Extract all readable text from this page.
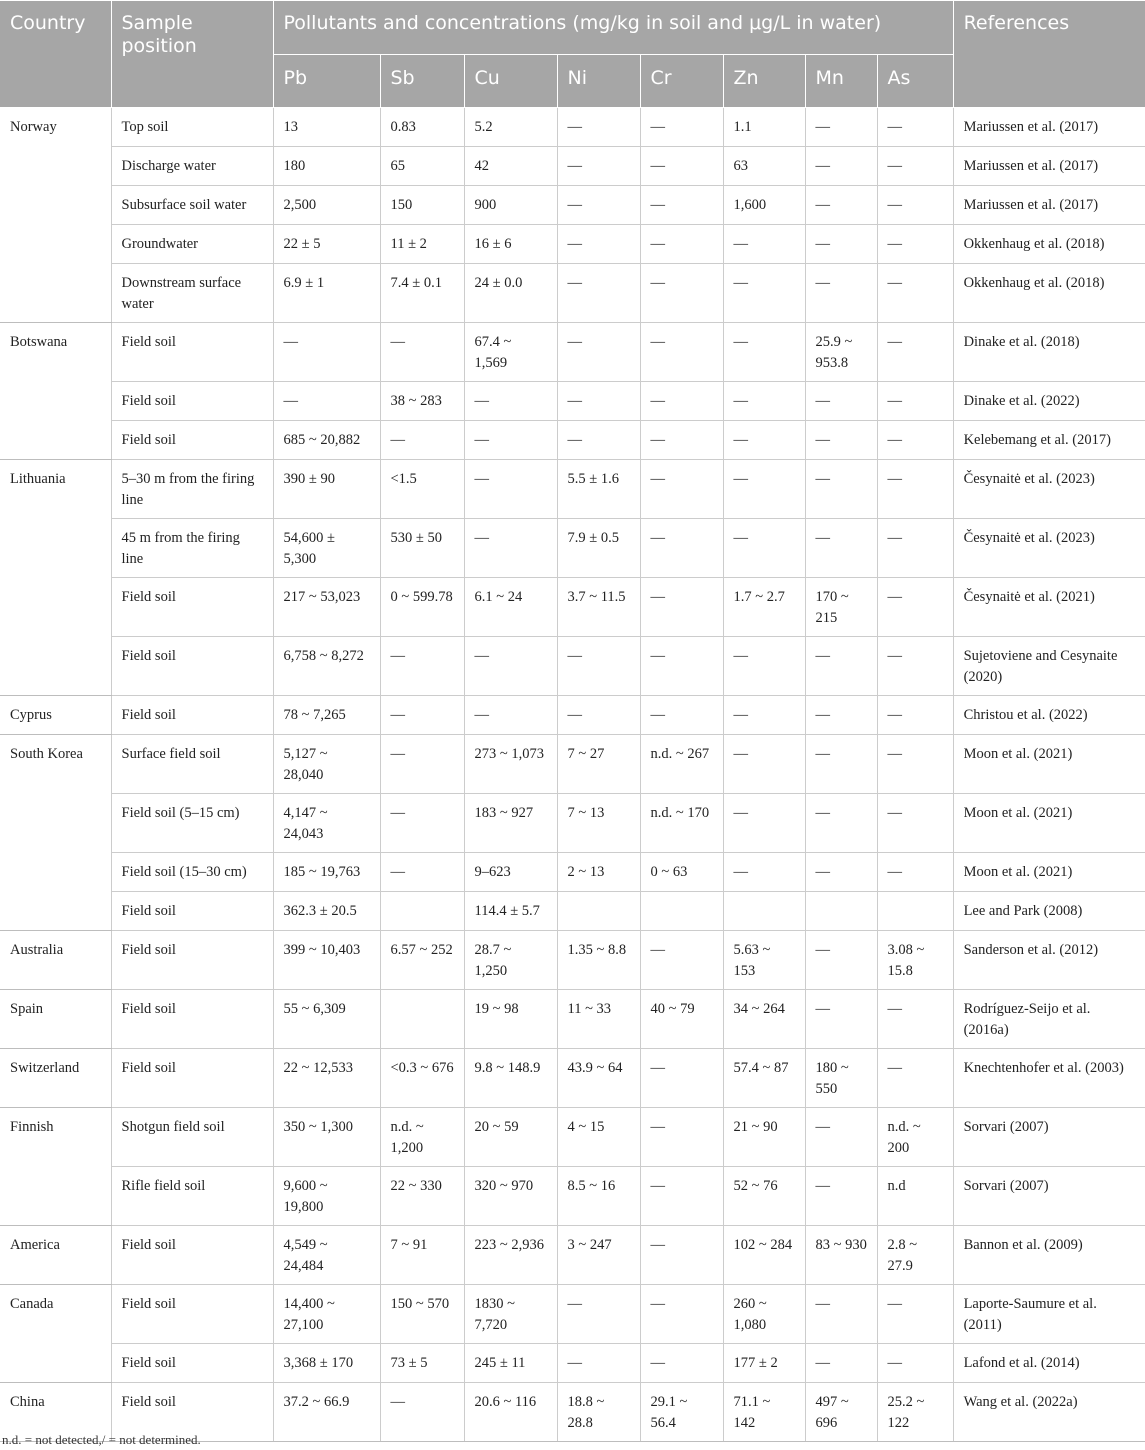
Country	Sample position	Pollutants and concentrations (mg/kg in soil and μg/L in water)								References
		Pb	Sb	Cu	Ni	Cr	Zn	Mn	As	
Norway	Top soil	13	0.83	5.2	—	—	1.1	—	—	Mariussen et al. (2017)
	Discharge water	180	65	42	—	—	63	—	—	Mariussen et al. (2017)
	Subsurface soil water	2,500	150	900	—	—	1,600	—	—	Mariussen et al. (2017)
	Groundwater	22 ± 5	11 ± 2	16 ± 6	—	—	—	—	—	Okkenhaug et al. (2018)
	Downstream surface water	6.9 ± 1	7.4 ± 0.1	24 ± 0.0	—	—	—	—	—	Okkenhaug et al. (2018)
Botswana	Field soil	—	—	67.4 ~ 1,569	—	—	—	25.9 ~ 953.8	—	Dinake et al. (2018)
	Field soil	—	38 ~ 283	—	—	—	—	—	—	Dinake et al. (2022)
	Field soil	685 ~ 20,882	—	—	—	—	—	—	—	Kelebemang et al. (2017)
Lithuania	5–30 m from the firing line	390 ± 90	<1.5	—	5.5 ± 1.6	—	—	—	—	Česynaitė et al. (2023)
	45 m from the firing line	54,600 ± 5,300	530 ± 50	—	7.9 ± 0.5	—	—	—	—	Česynaitė et al. (2023)
	Field soil	217 ~ 53,023	0 ~ 599.78	6.1 ~ 24	3.7 ~ 11.5	—	1.7 ~ 2.7	170 ~ 215	—	Česynaitė et al. (2021)
	Field soil	6,758 ~ 8,272	—	—	—	—	—	—	—	Sujetoviene and Cesynaite (2020)
Cyprus	Field soil	78 ~ 7,265	—	—	—	—	—	—	—	Christou et al. (2022)
South Korea	Surface field soil	5,127 ~ 28,040	—	273 ~ 1,073	7 ~ 27	n.d. ~ 267	—	—	—	Moon et al. (2021)
	Field soil (5–15 cm)	4,147 ~ 24,043	—	183 ~ 927	7 ~ 13	n.d. ~ 170	—	—	—	Moon et al. (2021)
	Field soil (15–30 cm)	185 ~ 19,763	—	9–623	2 ~ 13	0 ~ 63	—	—	—	Moon et al. (2021)
	Field soil	362.3 ± 20.5		114.4 ± 5.7						Lee and Park (2008)
Australia	Field soil	399 ~ 10,403	6.57 ~ 252	28.7 ~ 1,250	1.35 ~ 8.8	—	5.63 ~ 153	—	3.08 ~ 15.8	Sanderson et al. (2012)
Spain	Field soil	55 ~ 6,309		19 ~ 98	11 ~ 33	40 ~ 79	34 ~ 264	—	—	Rodríguez-Seijo et al. (2016a)
Switzerland	Field soil	22 ~ 12,533	<0.3 ~ 676	9.8 ~ 148.9	43.9 ~ 64	—	57.4 ~ 87	180 ~ 550	—	Knechtenhofer et al. (2003)
Finnish	Shotgun field soil	350 ~ 1,300	n.d. ~ 1,200	20 ~ 59	4 ~ 15	—	21 ~ 90	—	n.d. ~ 200	Sorvari (2007)
	Rifle field soil	9,600 ~ 19,800	22 ~ 330	320 ~ 970	8.5 ~ 16	—	52 ~ 76	—	n.d	Sorvari (2007)
America	Field soil	4,549 ~ 24,484	7 ~ 91	223 ~ 2,936	3 ~ 247	—	102 ~ 284	83 ~ 930	2.8 ~ 27.9	Bannon et al. (2009)
Canada	Field soil	14,400 ~ 27,100	150 ~ 570	1830 ~ 7,720	—	—	260 ~ 1,080	—	—	Laporte-Saumure et al. (2011)
	Field soil	3,368 ± 170	73 ± 5	245 ± 11	—	—	177 ± 2	—	—	Lafond et al. (2014)
China	Field soil	37.2 ~ 66.9	—	20.6 ~ 116	18.8 ~ 28.8	29.1 ~ 56.4	71.1 ~ 142	497 ~ 696	25.2 ~ 122	Wang et al. (2022a)
n.d. = not detected,/ = not determined.
